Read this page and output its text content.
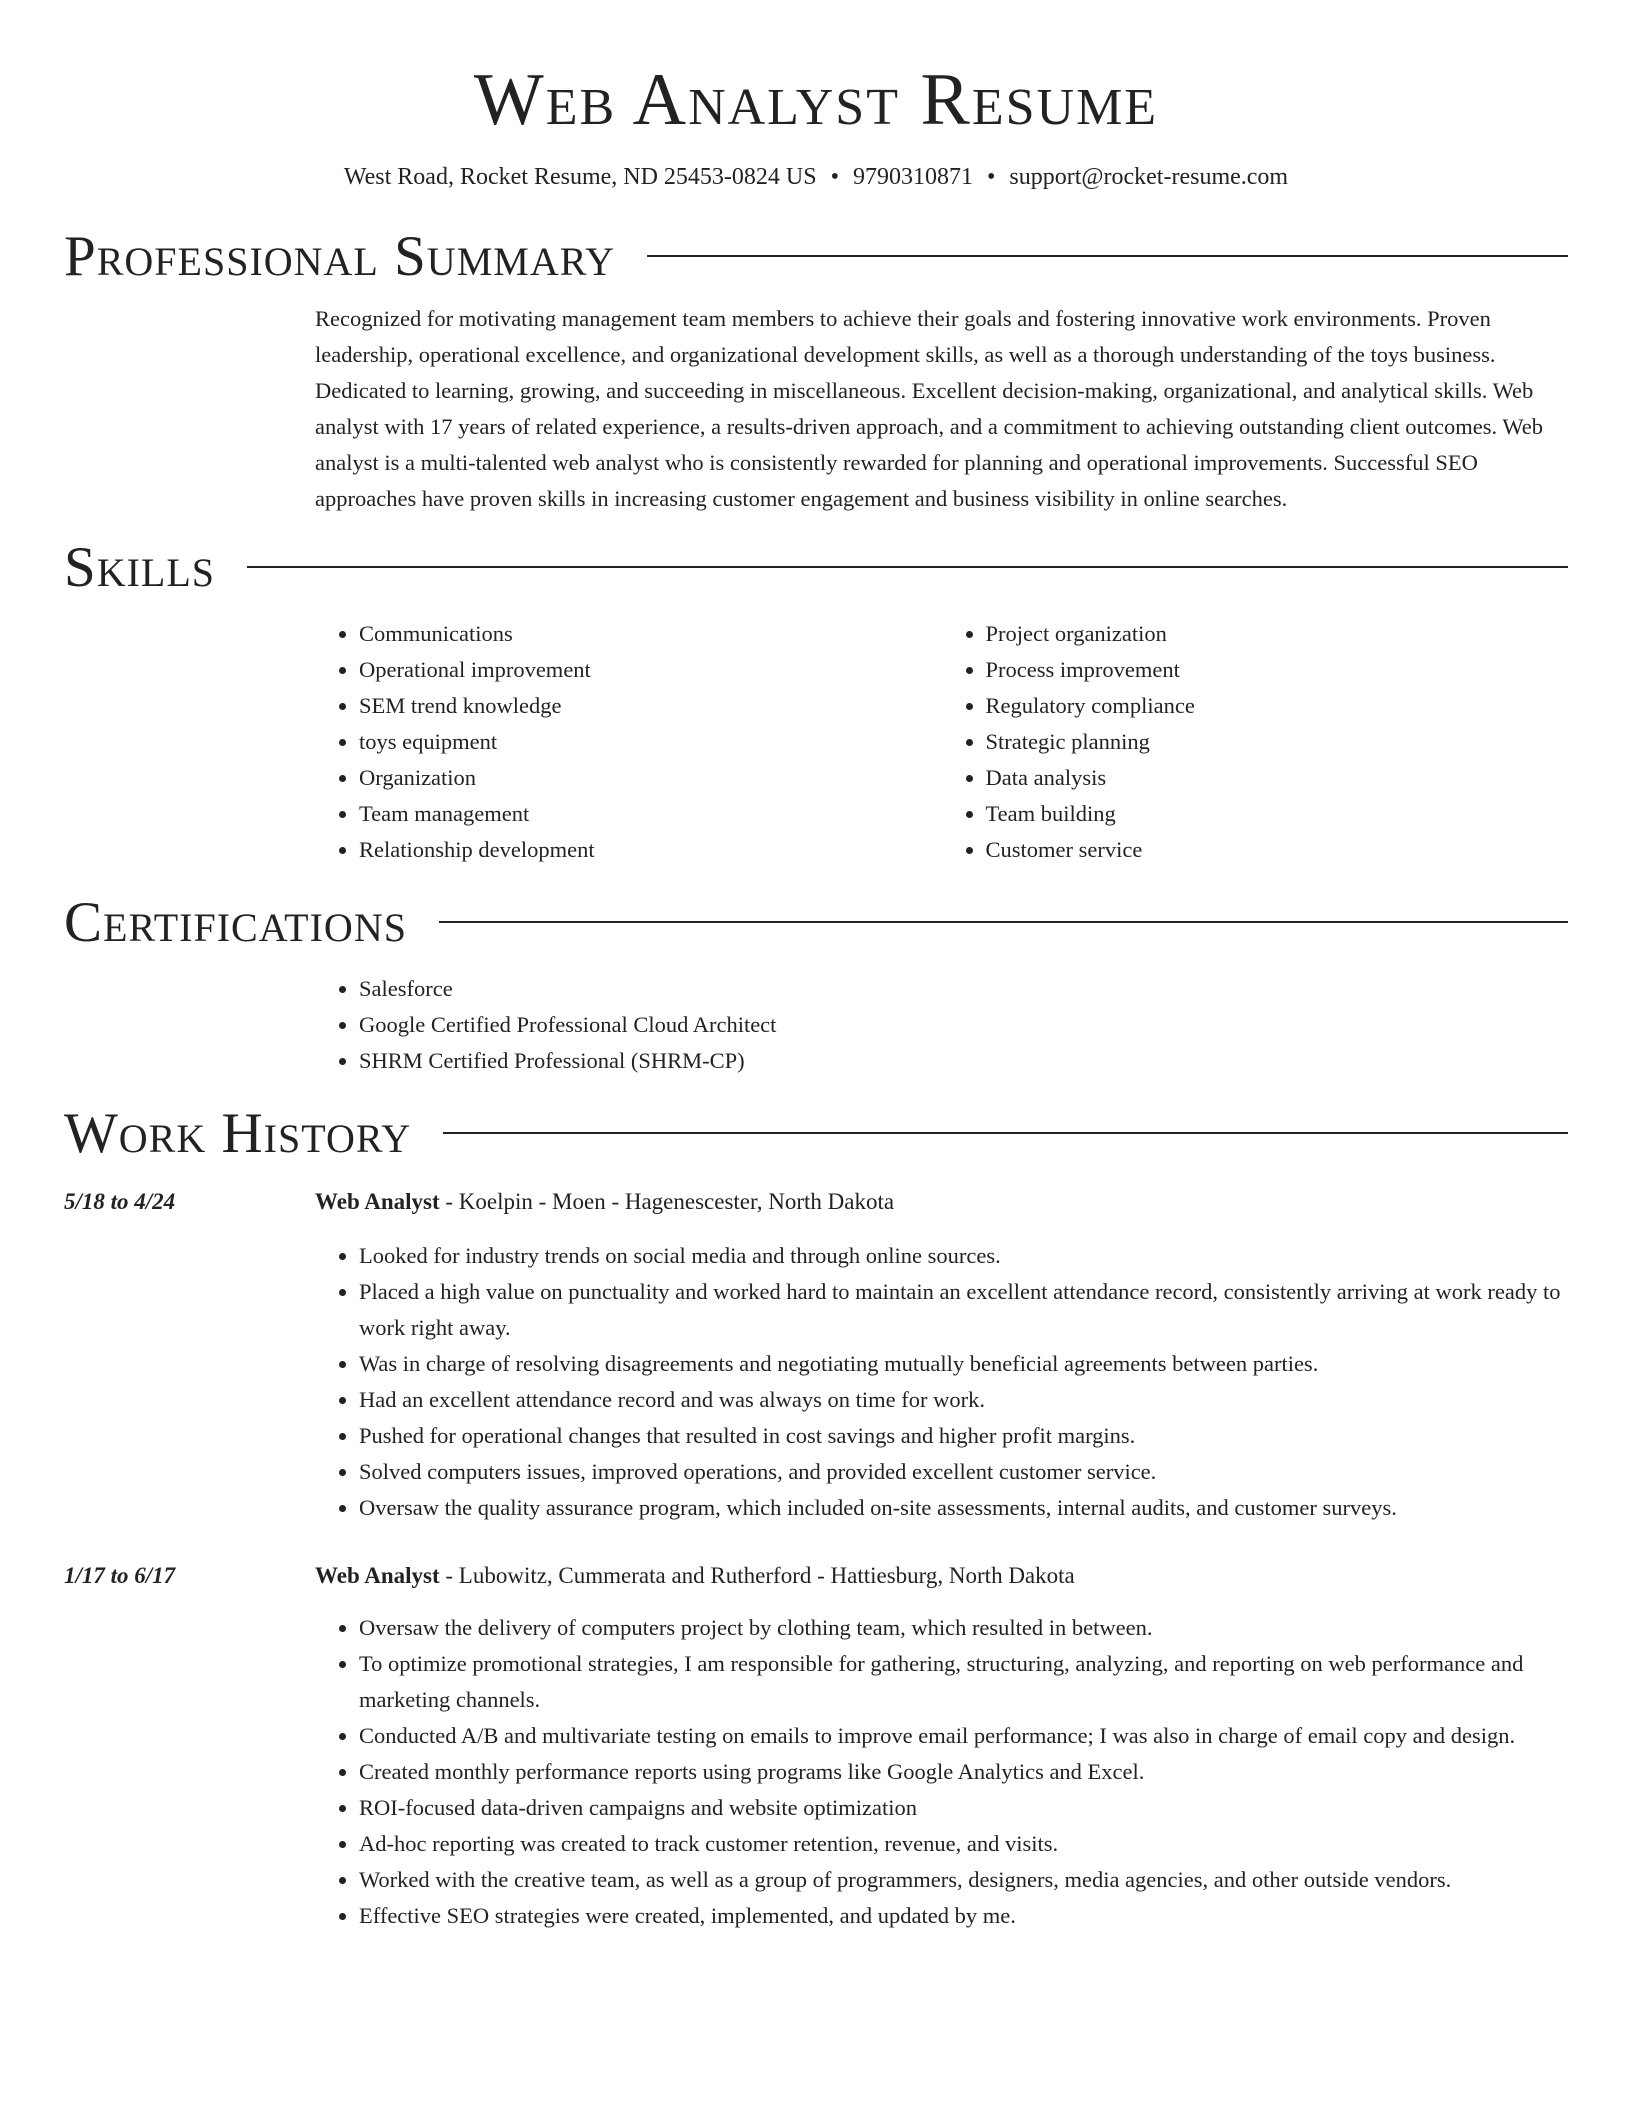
Web Analyst Resume
West Road, Rocket Resume, ND 25453-0824 US • 9790310871 • support@rocket-resume.com
Professional Summary

Recognized for motivating management team members to achieve their goals and fostering innovative work environments. Proven leadership, operational excellence, and organizational development skills, as well as a thorough understanding of the toys business. Dedicated to learning, growing, and succeeding in miscellaneous. Excellent decision-making, organizational, and analytical skills. Web analyst with 17 years of related experience, a results-driven approach, and a commitment to achieving outstanding client outcomes. Web analyst is a multi-talented web analyst who is consistently rewarded for planning and operational improvements. Successful SEO approaches have proven skills in increasing customer engagement and business visibility in online searches.

Skills
• Communications
• Operational improvement
• SEM trend knowledge
• toys equipment
• Organization
• Team management
• Relationship development
• Project organization
• Process improvement
• Regulatory compliance
• Strategic planning
• Data analysis
• Team building
• Customer service
Certifications
• Salesforce
• Google Certified Professional Cloud Architect
• SHRM Certified Professional (SHRM-CP)
Work History
5/18 to 4/24	Web Analyst - Koelpin - Moen - Hagenescester, North Dakota
• Looked for industry trends on social media and through online sources.
• Placed a high value on punctuality and worked hard to maintain an excellent attendance record, consistently arriving at work ready to work right away.
• Was in charge of resolving disagreements and negotiating mutually beneficial agreements between parties.
• Had an excellent attendance record and was always on time for work.
• Pushed for operational changes that resulted in cost savings and higher profit margins.
• Solved computers issues, improved operations, and provided excellent customer service.
• Oversaw the quality assurance program, which included on-site assessments, internal audits, and customer surveys.
1/17 to 6/17	Web Analyst - Lubowitz, Cummerata and Rutherford - Hattiesburg, North Dakota
• Oversaw the delivery of computers project by clothing team, which resulted in between.
• To optimize promotional strategies, I am responsible for gathering, structuring, analyzing, and reporting on web performance and marketing channels.
• Conducted A/B and multivariate testing on emails to improve email performance; I was also in charge of email copy and design.
• Created monthly performance reports using programs like Google Analytics and Excel.
• ROI-focused data-driven campaigns and website optimization
• Ad-hoc reporting was created to track customer retention, revenue, and visits.
• Worked with the creative team, as well as a group of programmers, designers, media agencies, and other outside vendors.
• Effective SEO strategies were created, implemented, and updated by me.
